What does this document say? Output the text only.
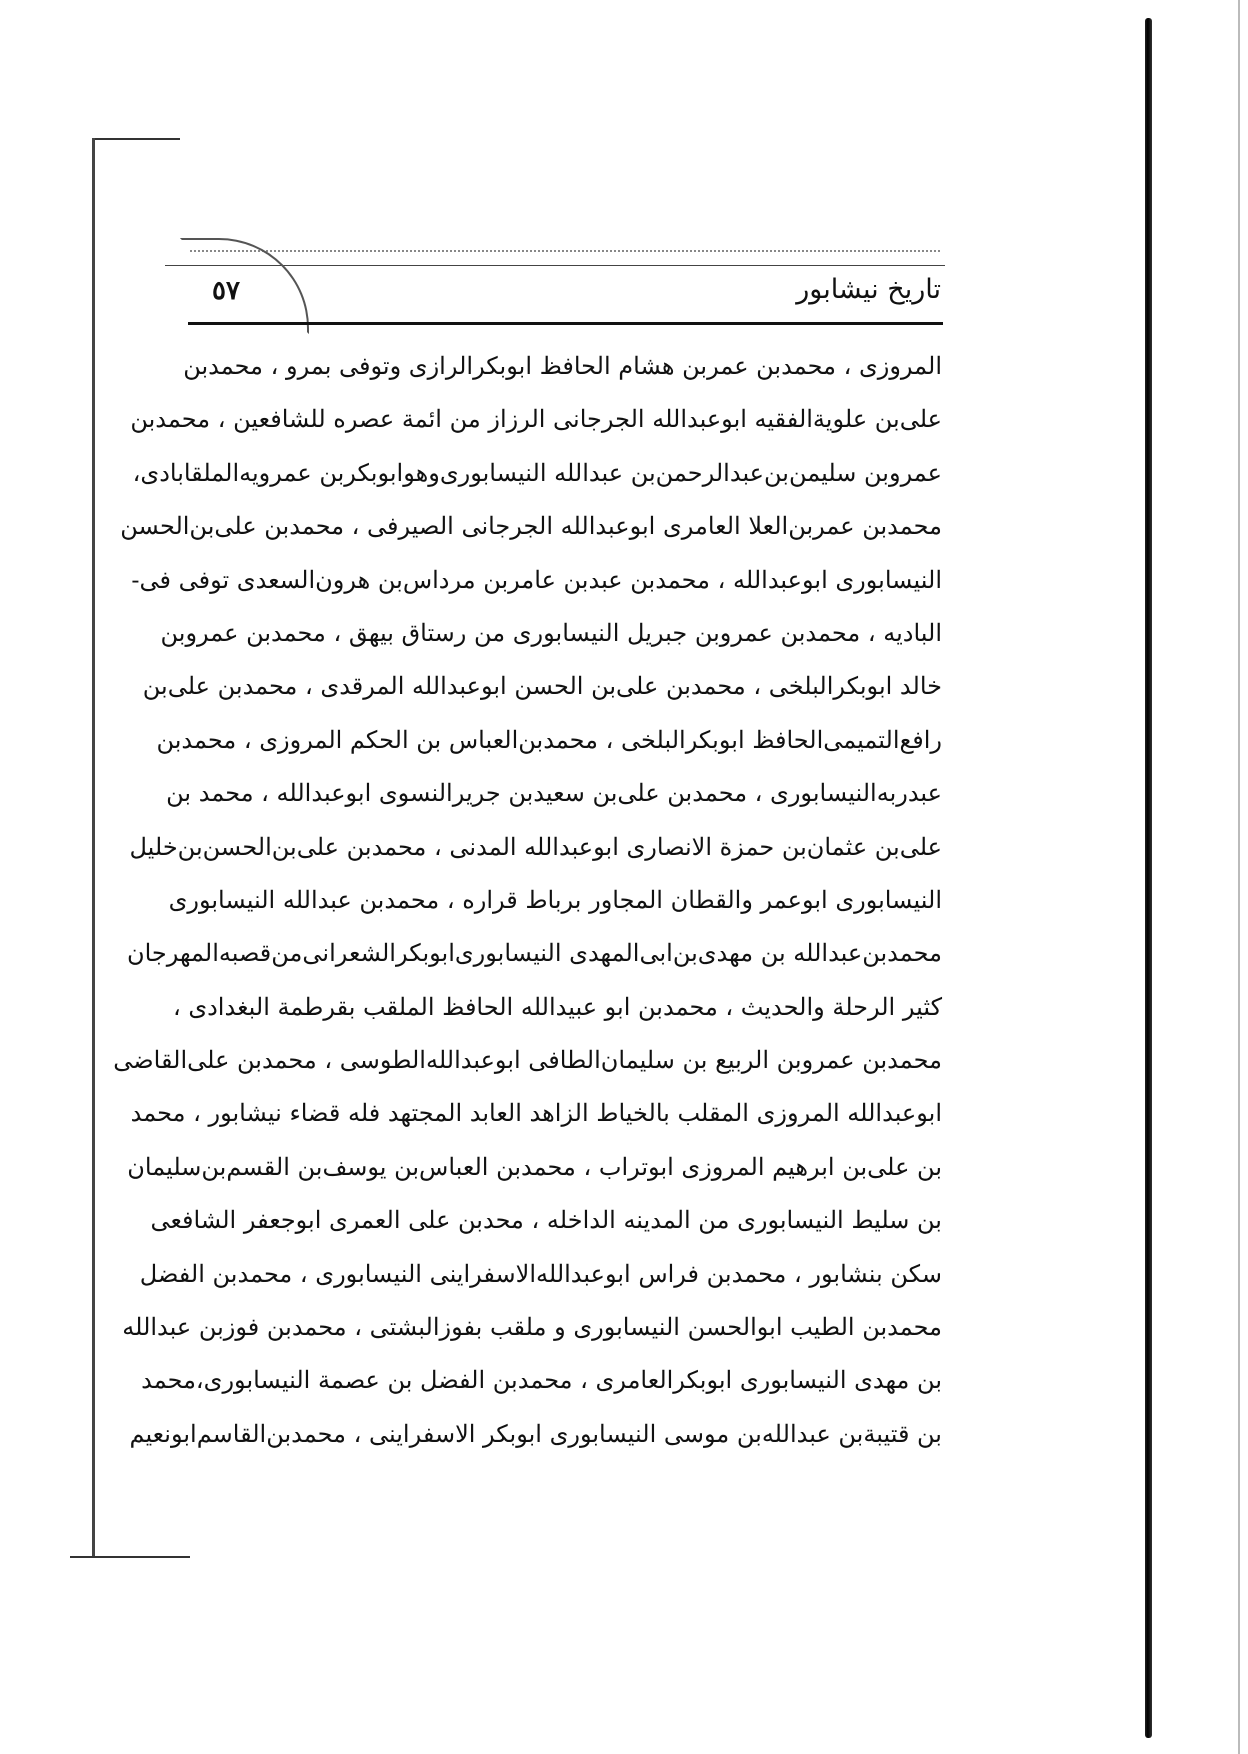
تاريخ نيشابور
٥٧
المروزى ، محمدبن عمربن هشام الحافظ ابوبكرالرازى وتوفى بمرو ، محمدبن
على‌بن علويةالفقيه ابوعبدالله الجرجانى الرزاز من ائمة عصره للشافعين ، محمدبن
عمروبن سليمن‌بن‌عبدالرحمن‌بن عبدالله النيسابورى‌وهوابوبكربن عمرويه‌الملقابادى،
محمدبن عمربن‌العلا العامرى ابوعبدالله الجرجانى الصيرفى ، محمدبن على‌بن‌الحسن
النيسابورى ابوعبدالله ، محمدبن عبدبن عامربن مرداس‌بن هرون‌السعدى توفى فى-
الباديه ، محمدبن عمروبن جبريل النيسابورى من رستاق بيهق ، محمدبن عمروبن
خالد ابوبكرالبلخى ، محمدبن على‌بن الحسن ابوعبدالله المرقدى ، محمدبن على‌بن
رافع‌التميمى‌الحافظ ابوبكرالبلخى ، محمدبن‌العباس بن الحكم المروزى ، محمدبن
عبدربه‌النيسابورى ، محمدبن على‌بن سعيدبن جريرالنسوى ابوعبدالله ، محمد بن
على‌بن عثمان‌بن حمزة الانصارى ابوعبدالله المدنى ، محمدبن على‌بن‌الحسن‌بن‌خليل
النيسابورى ابوعمر والقطان المجاور برباط قراره ، محمدبن عبدالله النيسابورى
محمدبن‌عبدالله بن مهدى‌بن‌ابى‌المهدى النيسابورى‌ابوبكرالشعرانى‌من‌قصبه‌المهرجان
كثير الرحلة والحديث ، محمدبن ابو عبيدالله الحافظ الملقب بقرطمة البغدادى ،
محمدبن عمروبن الربيع بن سليمان‌الطافى ابوعبدالله‌الطوسى ، محمدبن على‌القاضى
ابوعبدالله المروزى المقلب بالخياط الزاهد العابد المجتهد فله قضاء نيشابور ، محمد
بن على‌بن ابرهيم المروزى ابوتراب ، محمدبن العباس‌بن يوسف‌بن القسم‌بن‌سليمان
بن سليط النيسابورى من المدينه الداخله ، محدبن على العمرى ابوجعفر الشافعى
سكن بنشابور ، محمدبن فراس ابوعبدالله‌الاسفراينى النيسابورى ، محمدبن الفضل
محمدبن الطيب ابوالحسن النيسابورى و ملقب بفوزالبشتى ، محمدبن فوزبن عبدالله
بن مهدى النيسابورى ابوبكرالعامرى ، محمدبن الفضل بن عصمة النيسابورى،محمد
بن قتيبة‌بن عبدالله‌بن موسى النيسابورى ابوبكر الاسفراينى ، محمدبن‌القاسم‌ابونعيم
